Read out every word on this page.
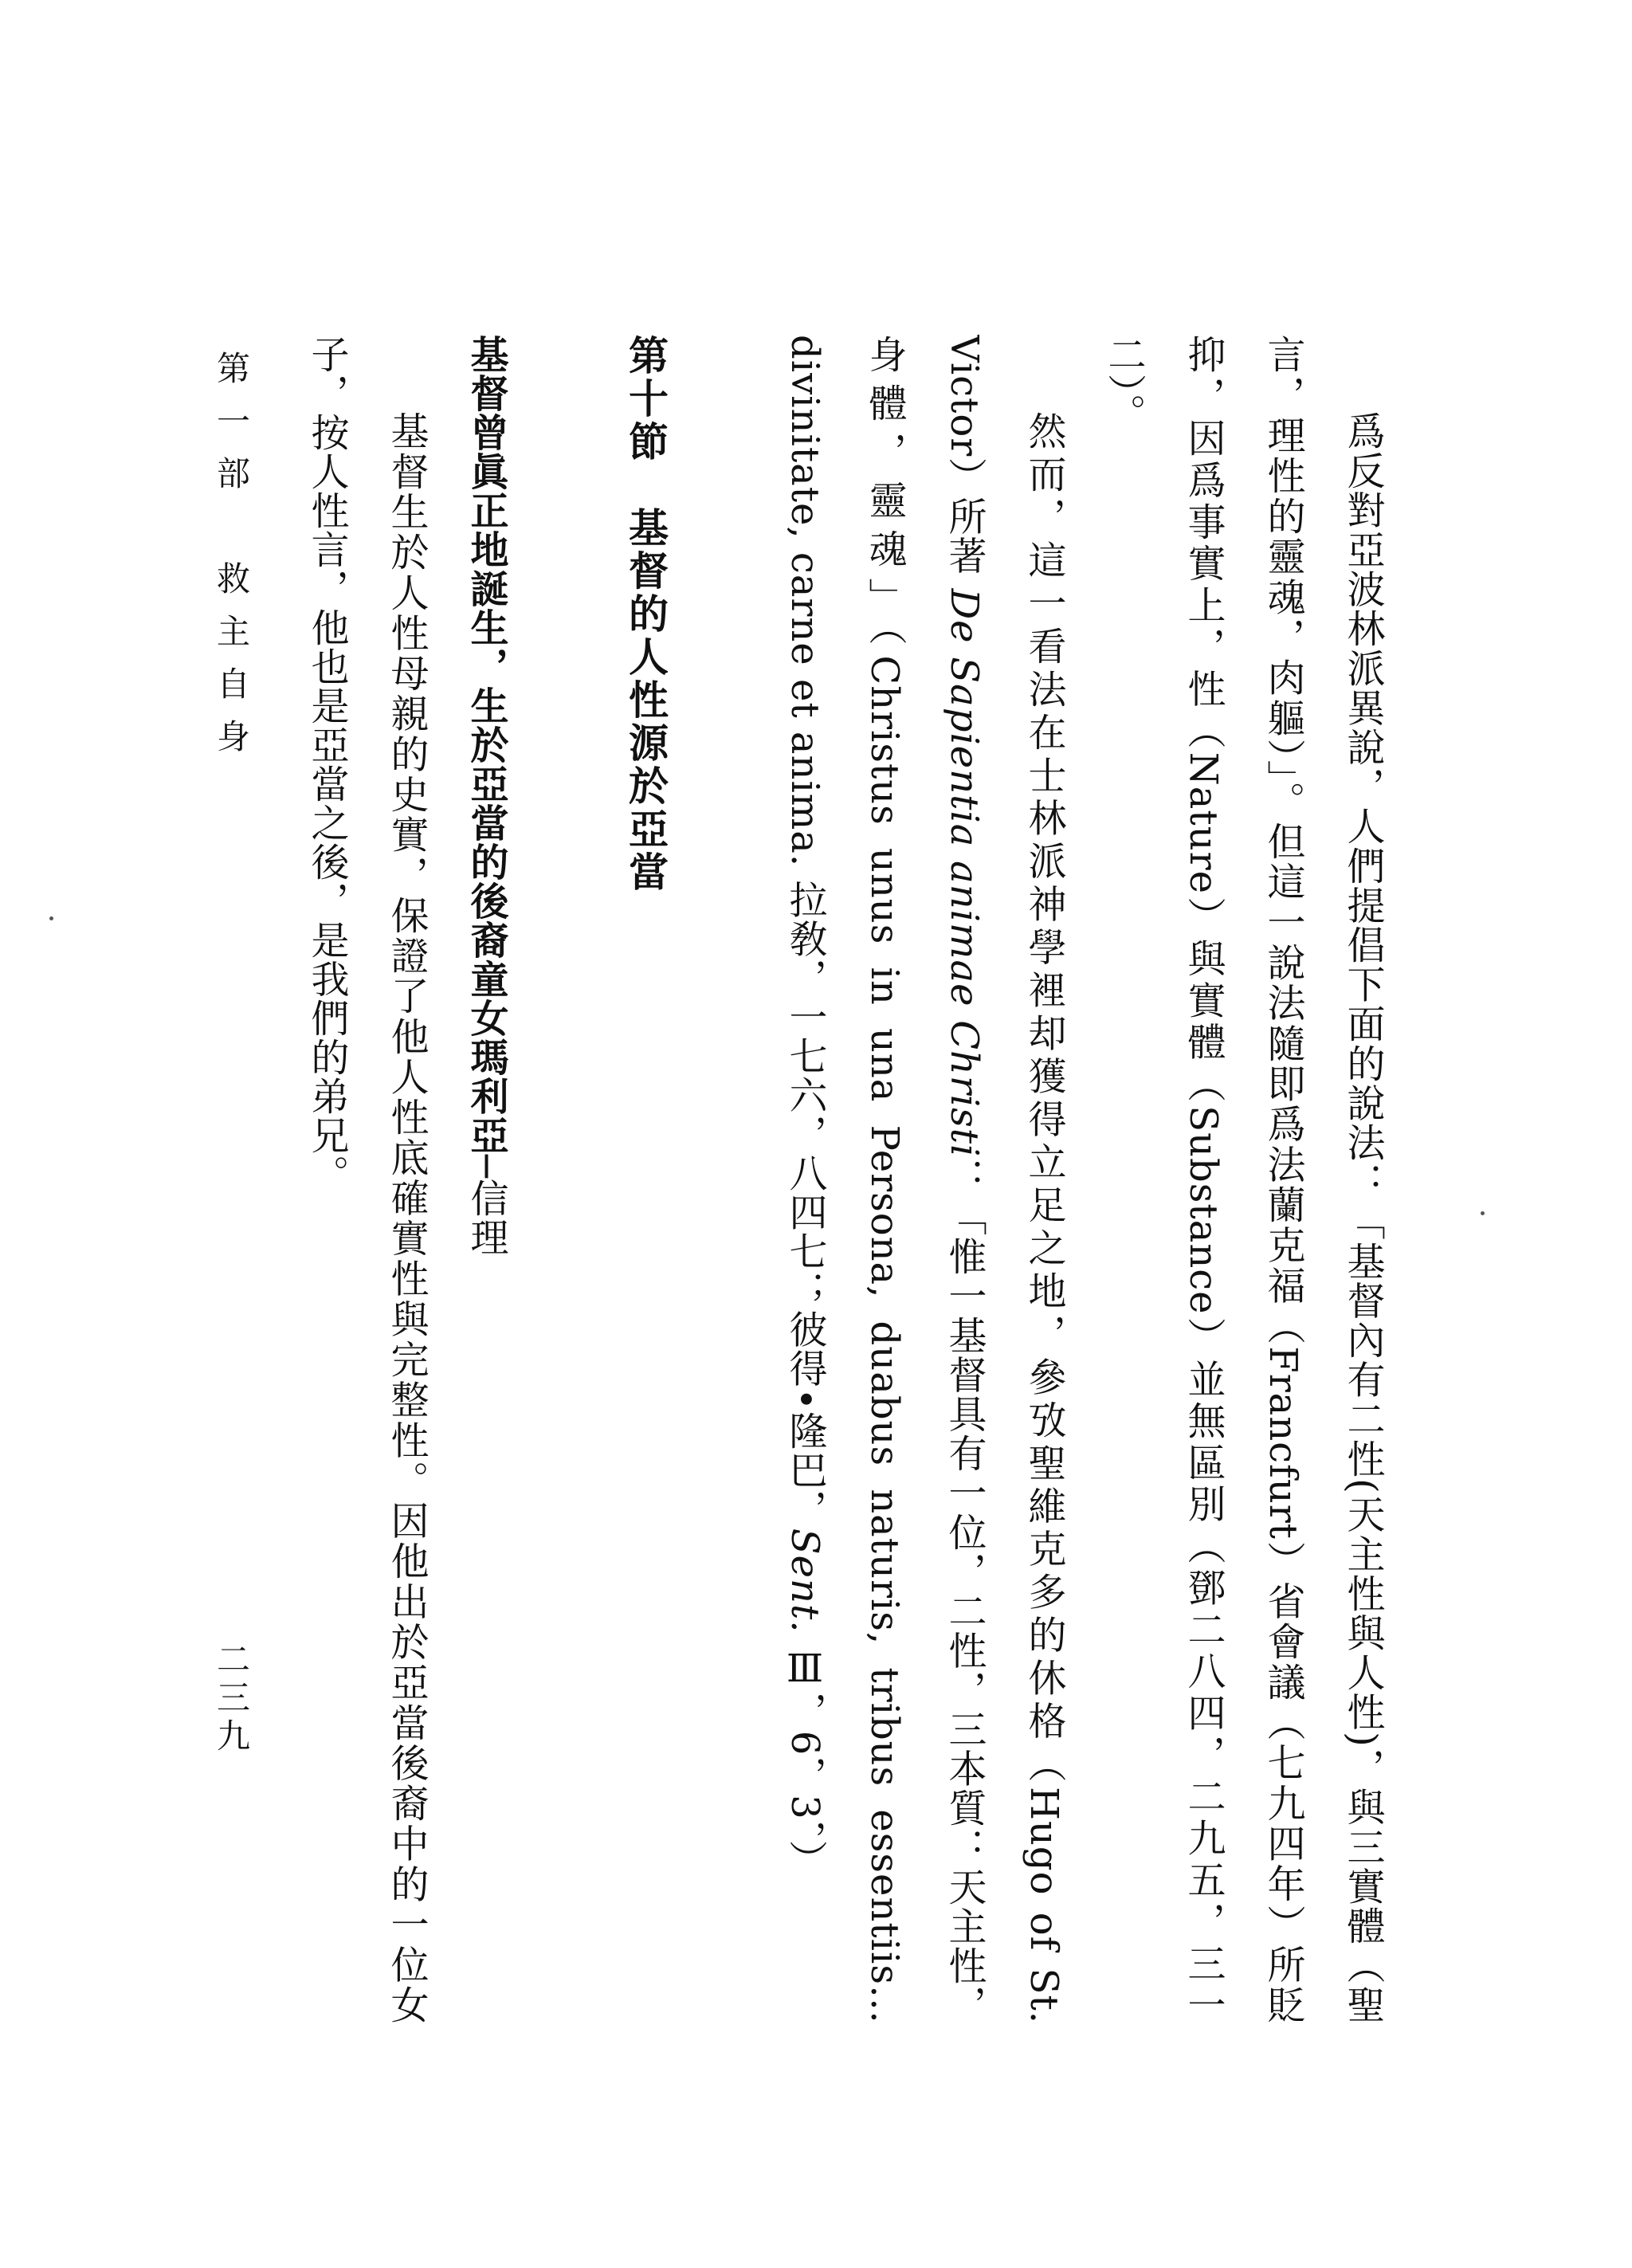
爲反對亞波林派異說，人們提倡下面的說法：「基督內有二性(天主性與人性)，與三實體（聖言，理性的靈魂，肉軀）」。但這一說法隨即爲法蘭克福（Francfurt）省會議（七九四年）所貶抑，因爲事實上，性（Nature）與實體（Substance）並無區別（鄧二八四，二九五，三一二）。

然而，這一看法在士林派神學裡却獲得立足之地，參攷聖維克多的休格（Hugo of St. Victor）所著 De Sapientia animae Christi：「惟一基督具有一位，二性，三本質：天主性，身體，靈魂」（Christus unus in una Persona, duabus naturis, tribus essentiis…divinitate, carne et anima. 拉敎，一七六，八四七；彼得•隆巴，Sent. Ⅲ，6，3，）

第十節　基督的人性源於亞當

基督曾眞正地誕生，生於亞當的後裔童女瑪利亞─信理

基督生於人性母親的史實，保證了他人性底確實性與完整性。因他出於亞當後裔中的一位女子，按人性言，他也是亞當之後，是我們的弟兄。

第一部　救主自身
二三九
